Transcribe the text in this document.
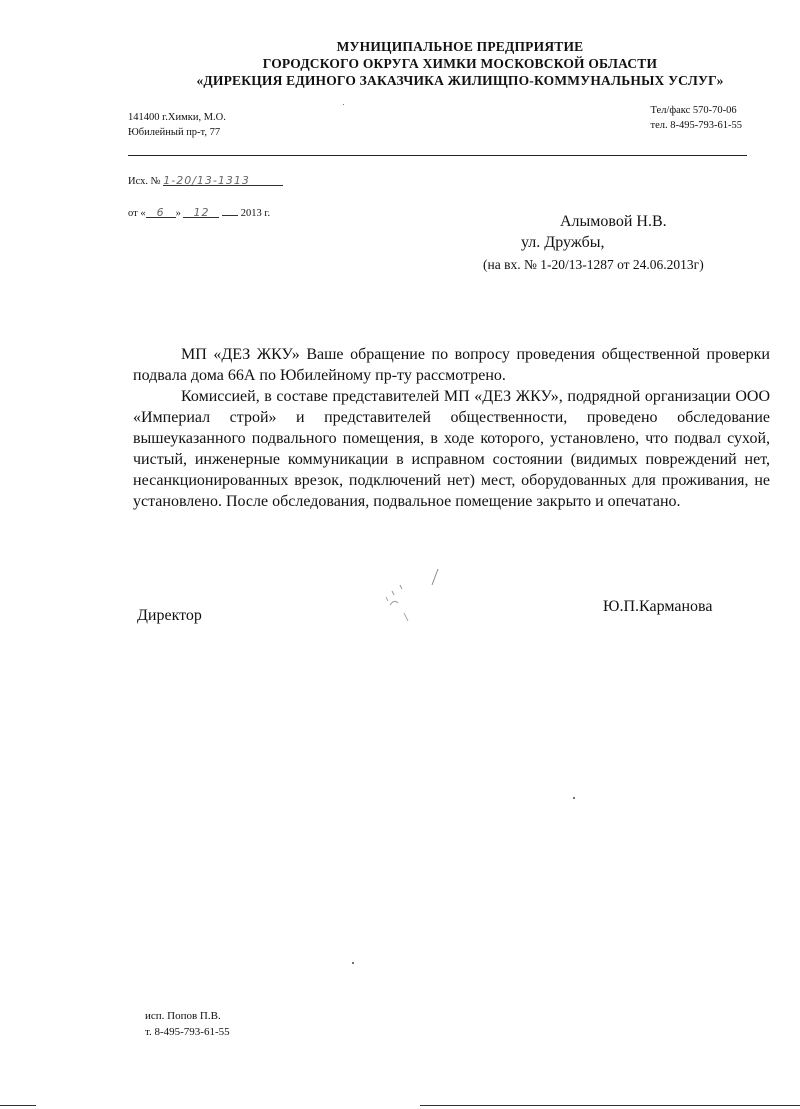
МУНИЦИПАЛЬНОЕ ПРЕДПРИЯТИЕ
ГОРОДСКОГО ОКРУГА ХИМКИ МОСКОВСКОЙ ОБЛАСТИ
«ДИРЕКЦИЯ ЕДИНОГО ЗАКАЗЧИКА ЖИЛИЩПО-КОММУНАЛЬНЫХ УСЛУГ»
141400 г.Химки, М.О.
Юбилейный пр-т, 77
Тел/факс 570-70-06
тел. 8-495-793-61-55
Исх. № 1-20/13-1313
от « 6 » 12	2013 г.	Алымовой Н.В.
ул. Дружбы,
(на вх. № 1-20/13-1287 от 24.06.2013г)

МП «ДЕЗ ЖКУ» Ваше обращение по вопросу проведения общественной проверки подвала дома 66А по Юбилейному пр-ту рассмотрено.

Комиссией, в составе представителей МП «ДЕЗ ЖКУ», подрядной организации ООО «Империал строй» и представителей общественности, проведено обследование вышеуказанного подвального помещения, в ходе которого, установлено, что подвал сухой, чистый, инженерные коммуникации в исправном состоянии (видимых повреждений нет, несанкционированных врезок, подключений нет) мест, оборудованных для проживания, не установлено. После обследования, подвальное помещение закрыто и опечатано.

Директор
Ю.П.Карманова
исп. Попов П.В.
т. 8-495-793-61-55
